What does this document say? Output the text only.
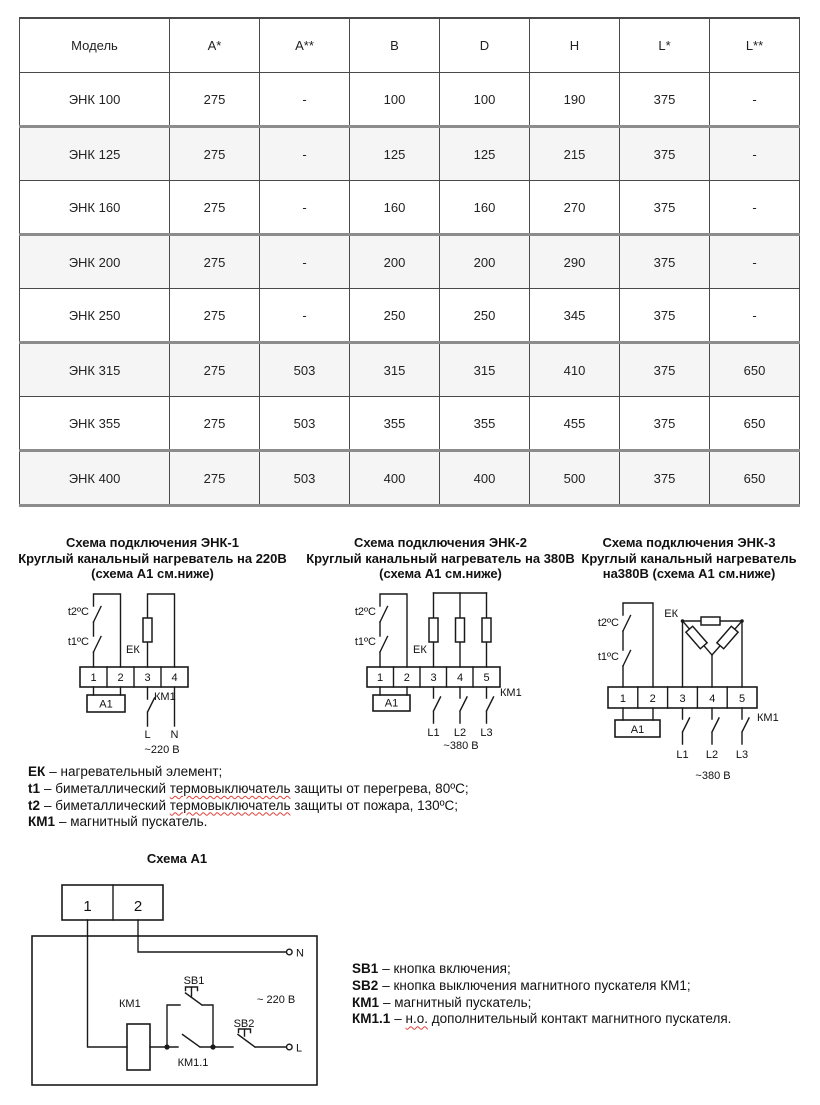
Модель	A*	A**	B	D	H	L*	L**
ЭНК 100	275	-	100	100	190	375	-
ЭНК 125	275	-	125	125	215	375	-
ЭНК 160	275	-	160	160	270	375	-
ЭНК 200	275	-	200	200	290	375	-
ЭНК 250	275	-	250	250	345	375	-
ЭНК 315	275	503	315	315	410	375	650
ЭНК 355	275	503	355	355	455	375	650
ЭНК 400	275	503	400	400	500	375	650
Схема подключения ЭНК-1
Круглый канальный нагреватель на 220В
(схема А1 см.ниже)
Схема подключения ЭНК-2
Круглый канальный нагреватель на 380В
(схема А1 см.ниже)
Схема подключения ЭНК-3
Круглый канальный нагреватель
на380В (схема А1 см.ниже)
t2ºC
t1ºC
ЕК
1 2 3 4
А1
КМ1
L N
~220 В
t2ºC
t1ºC
ЕК
1 2 3 4 5
А1
КМ1
L1 L2 L3
~380 В
t2ºC
t1ºC
ЕК
1 2 3 4 5
А1
КМ1
L1 L2 L3
~380 В
ЕК – нагревательный элемент;
t1 – биметаллический термовыключатель защиты от перегрева, 80ºС;
t2 – биметаллический термовыключатель защиты от пожара, 130ºС;
КМ1 – магнитный пускатель.
Схема А1
1	2
N
L
КМ1
SB1
SB2
КМ1.1
~ 220 В
SB1 – кнопка включения;
SB2 – кнопка выключения магнитного пускателя КМ1;
КМ1 – магнитный пускатель;
КМ1.1 – н.о. дополнительный контакт магнитного пускателя.
